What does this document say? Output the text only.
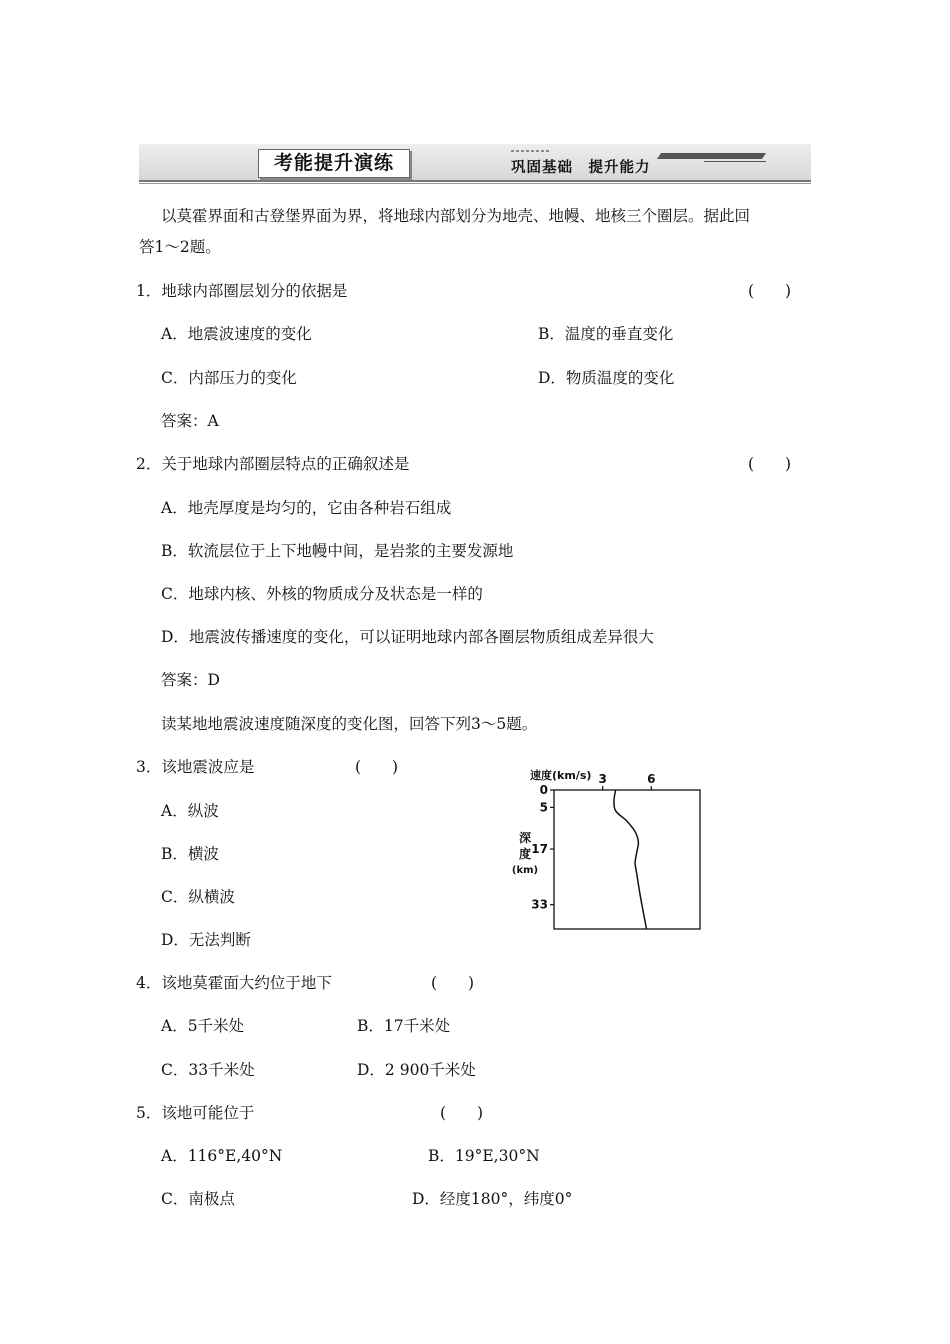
考能提升演练	巩固基础　提升能力
以莫霍界面和古登堡界面为界，将地球内部划分为地壳、地幔、地核三个圈层。据此回
答1～2题。
1．地球内部圈层划分的依据是	(　　)
A．地震波速度的变化	B．温度的垂直变化
C．内部压力的变化	D．物质温度的变化
答案：A
2．关于地球内部圈层特点的正确叙述是	(　　)
A．地壳厚度是均匀的，它由各种岩石组成
B．软流层位于上下地幔中间，是岩浆的主要发源地
C．地球内核、外核的物质成分及状态是一样的
D．地震波传播速度的变化，可以证明地球内部各圈层物质组成差异很大
答案：D
读某地地震波速度随深度的变化图，回答下列3～5题。
3．该地震波应是	(　　)
A．纵波
B．横波
C．纵横波
D．无法判断
速度(km/s)
深
度
(km)
3	6
0
5
17
33
4．该地莫霍面大约位于地下	(　　)
A．5千米处	B．17千米处
C．33千米处	D．2 900千米处
5．该地可能位于	(　　)
A．116°E,40°N	B．19°E,30°N
C．南极点	D．经度180°，纬度0°
